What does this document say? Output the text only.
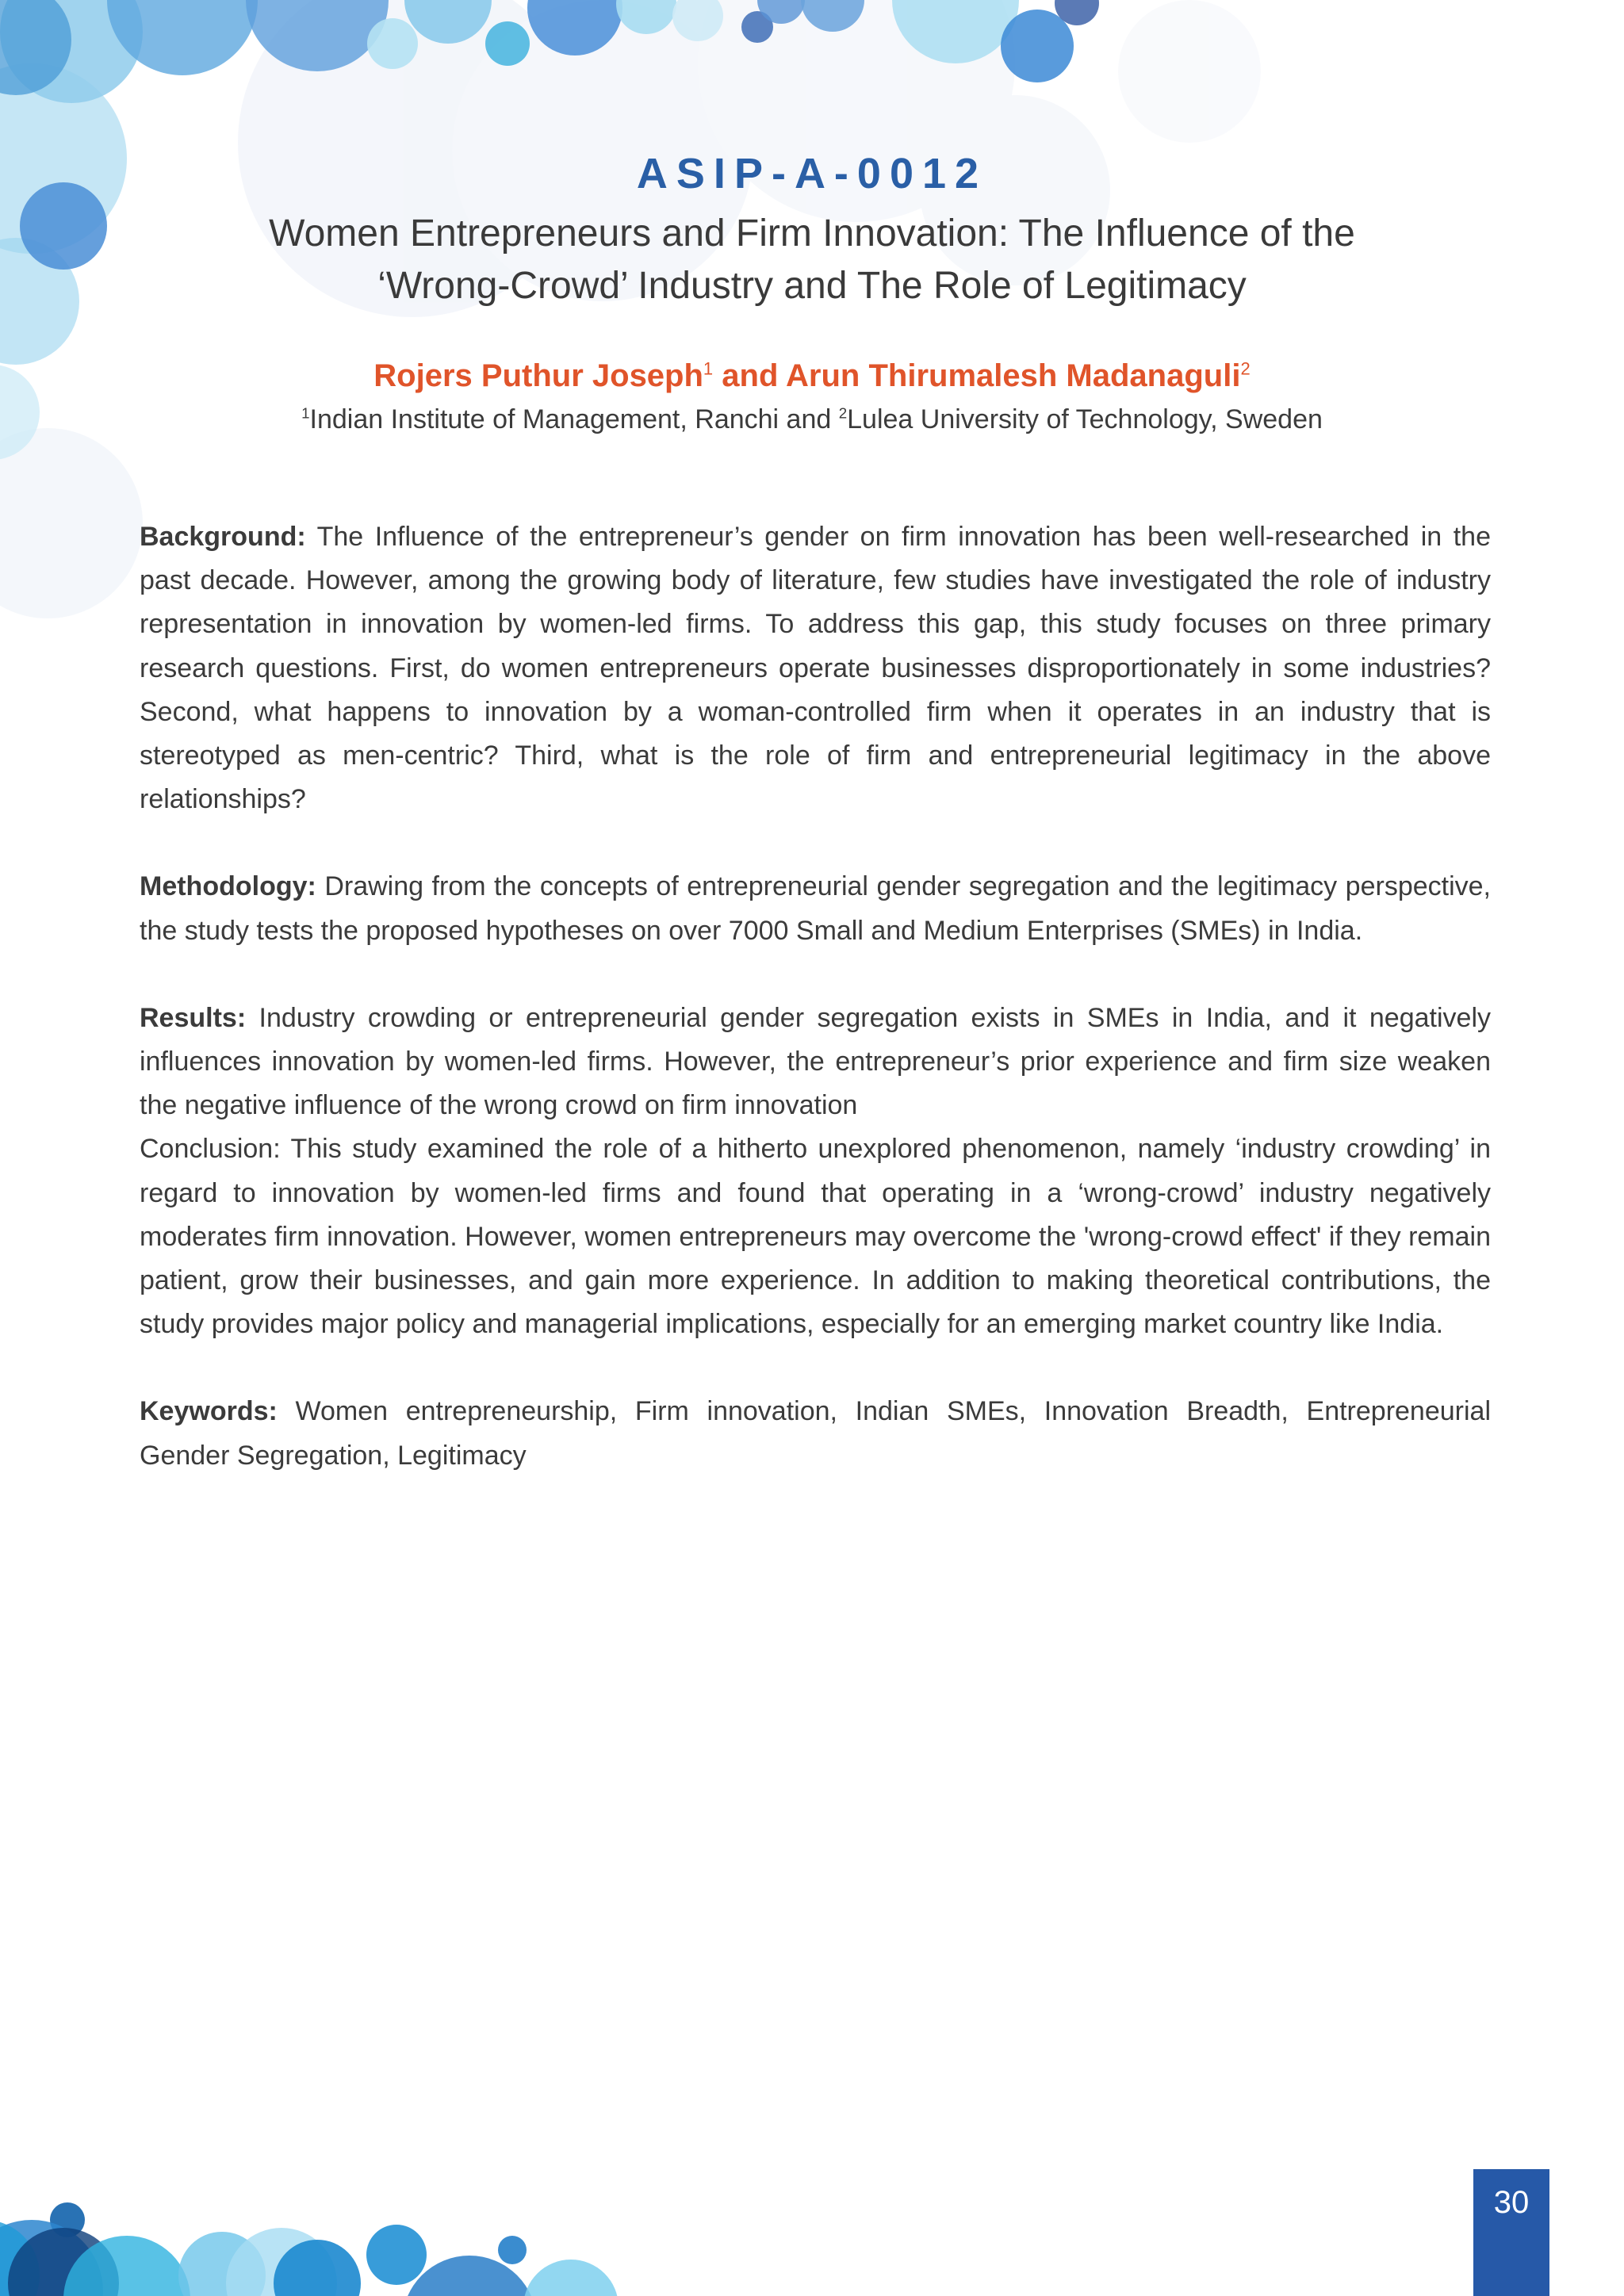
ASIP-A-0012
Women Entrepreneurs and Firm Innovation: The Influence of the
‘Wrong-Crowd’ Industry and The Role of Legitimacy
Rojers Puthur Joseph$^1$ and Arun Thirumalesh Madanaguli$^2$
$^1$Indian Institute of Management, Ranchi and $^2$Lulea University of Technology, Sweden

Background: The Influence of the entrepreneur’s gender on firm innovation has been well-researched in the past decade. However, among the growing body of literature, few studies have investigated the role of industry representation in innovation by women-led firms. To address this gap, this study focuses on three primary research questions. First, do women entrepreneurs operate businesses disproportionately in some industries? Second, what happens to innovation by a woman-controlled firm when it operates in an industry that is stereotyped as men-centric? Third, what is the role of firm and entrepreneurial legitimacy in the above relationships?

Methodology: Drawing from the concepts of entrepreneurial gender segregation and the legitimacy perspective, the study tests the proposed hypotheses on over 7000 Small and Medium Enterprises (SMEs) in India.

Results: Industry crowding or entrepreneurial gender segregation exists in SMEs in India, and it negatively influences innovation by women-led firms. However, the entrepreneur’s prior experience and firm size weaken the negative influence of the wrong crowd on firm innovation

Conclusion: This study examined the role of a hitherto unexplored phenomenon, namely ‘industry crowding’ in regard to innovation by women-led firms and found that operating in a ‘wrong-crowd’ industry negatively moderates firm innovation. However, women entrepreneurs may overcome the 'wrong-crowd effect' if they remain patient, grow their businesses, and gain more experience. In addition to making theoretical contributions, the study provides major policy and managerial implications, especially for an emerging market country like India.

Keywords: Women entrepreneurship, Firm innovation, Indian SMEs, Innovation Breadth, Entrepreneurial Gender Segregation, Legitimacy

30
